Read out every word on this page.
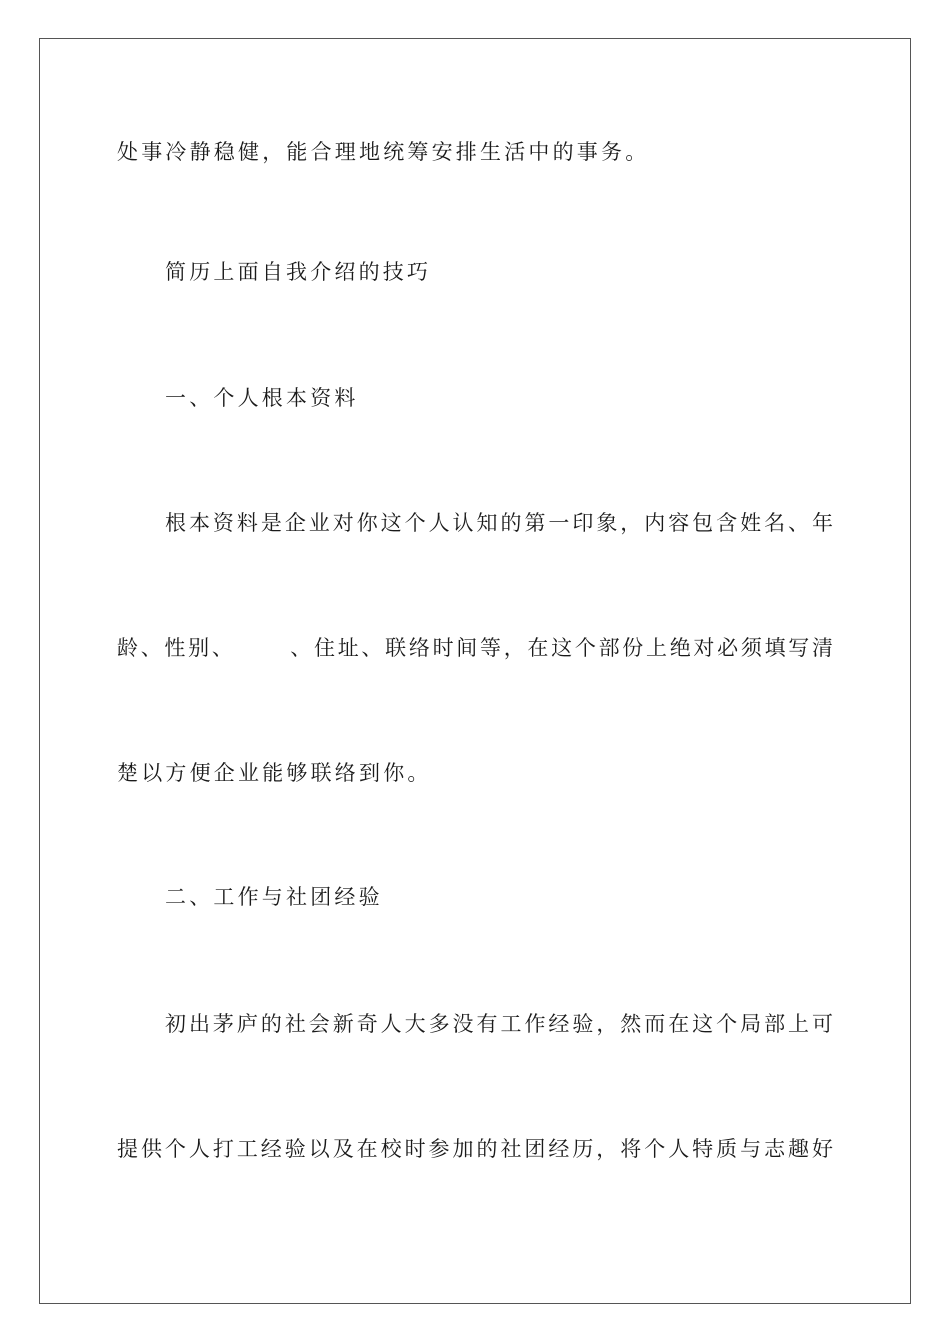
处事冷静稳健，能合理地统筹安排生活中的事务。
简历上面自我介绍的技巧
一、个人根本资料
根本资料是企业对你这个人认知的第一印象，内容包含姓名、年
龄、性别、 、住址、联络时间等，在这个部份上绝对必须填写清
楚以方便企业能够联络到你。
二、工作与社团经验
初出茅庐的社会新奇人大多没有工作经验，然而在这个局部上可
提供个人打工经验以及在校时参加的社团经历，将个人特质与志趣好
